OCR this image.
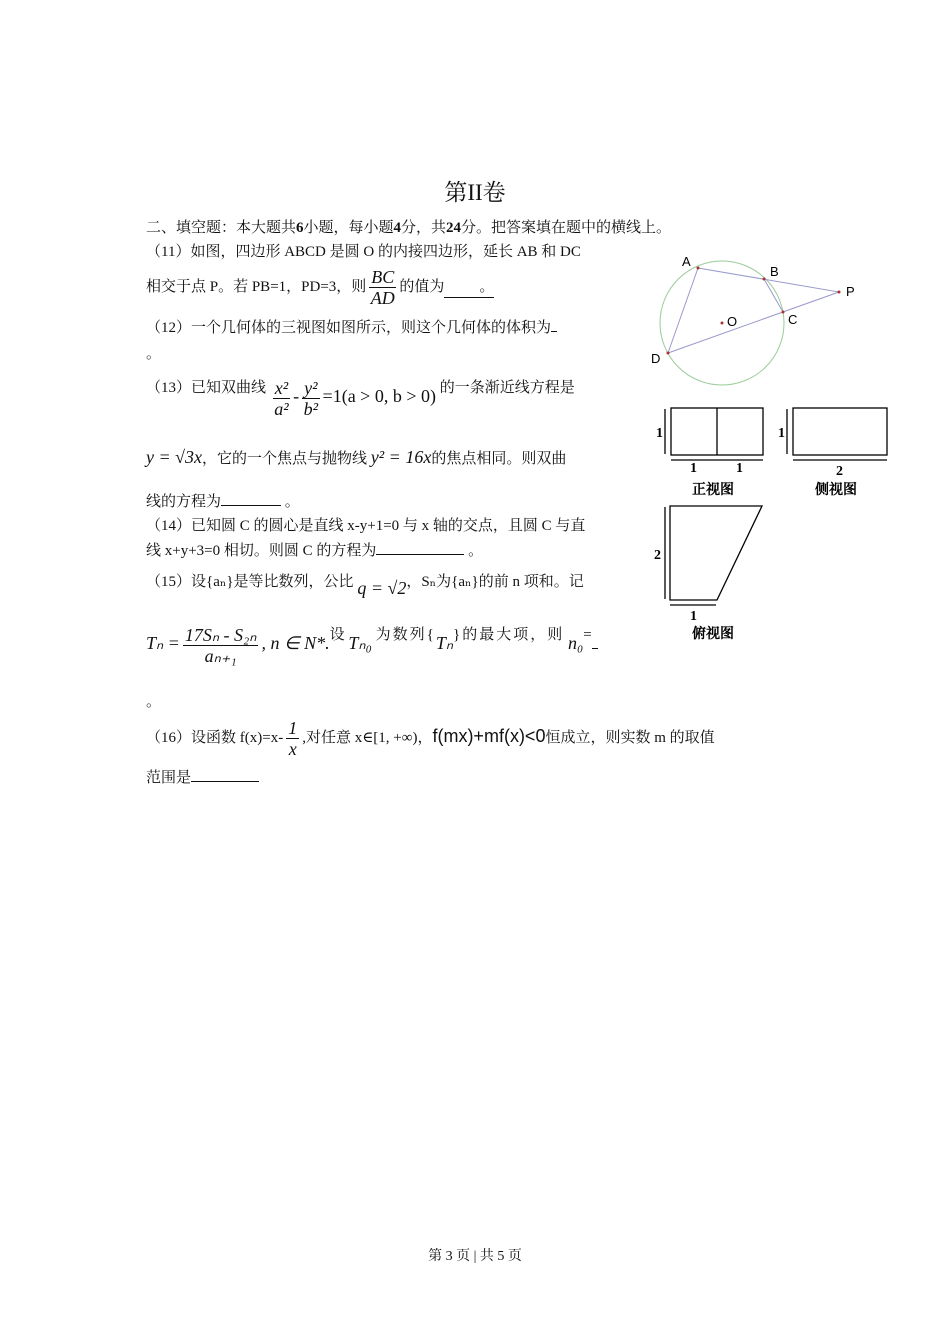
第II卷
二、填空题：本大题共6小题，每小题4分，共24分。把答案填在题中的横线上。
（11）如图，四边形 ABCD 是圆 O 的内接四边形，延长 AB 和 DC
相交于点 P。若 PB=1，PD=3，则 $\frac{BC}{AD}$ 的值为 。
（12）一个几何体的三视图如图所示，则这个几何体的体积为
。
（13）已知双曲线 $\frac{\text{x²}}{\text{a²}} - \frac{\text{y²}}{\text{b²}} =1(a > 0$, b > 0) 的一条渐近线方程是
y = √3x，它的一个焦点与抛物线 y² = 16x的焦点相同。则双曲
线的方程为	。
（14）已知圆 C 的圆心是直线 x-y+1=0 与 x 轴的交点，且圆 C 与直
线 x+y+3=0 相切。则圆 C 的方程为	。
（15）设{aₙ}是等比数列，公比 q = √2，Sₙ为{aₙ}的前 n 项和。记
$T_n = \frac{\text{17Sₙ - S₂ₙ}}{\text{aₙ₊₁}}$ , n ∈ N*.设 Tₙ₀ 为数列{Tₙ}的最大项，则 n₀=
。
（16）设函数 $f(x)=x- \frac{1}{x}$ ,对任意 x∈[1, +∞)，f(mx)+mf(x)<0恒成立，则实数 m 的取值
范围是
A
B
P
O	C
D
1
1	1
1
2
2
1
正视图	侧视图
俯视图
第 3 页 | 共 5 页
